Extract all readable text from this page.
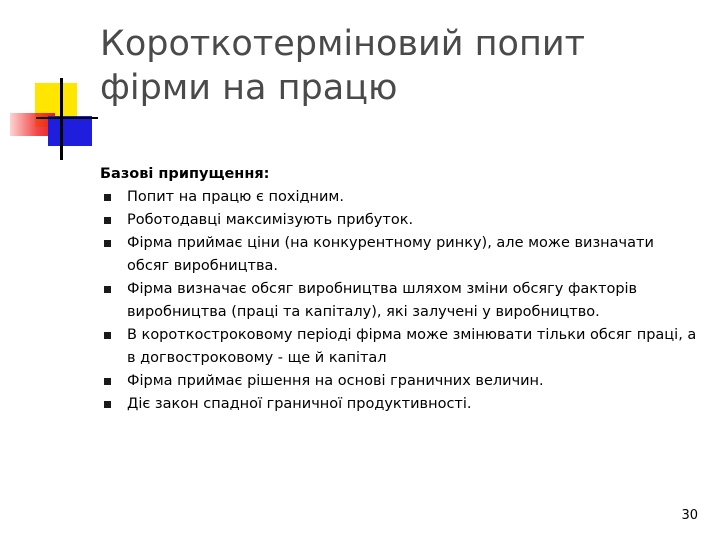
Короткотерміновий попит
фірми на працю

Базові припущення:

Попит на працю є похідним.
Роботодавці максимізують прибуток.
Фірма приймає ціни (на конкурентному ринку), але може визначати обсяг виробництва.
Фірма визначає обсяг виробництва шляхом зміни обсягу факторів виробництва (праці та капіталу), які залучені у виробництво.
В короткостроковому періоді фірма може змінювати тільки обсяг праці, а в догвостроковому - ще й капітал
Фірма приймає рішення на основі граничних величин.
Діє закон спадної граничної продуктивності.
30
